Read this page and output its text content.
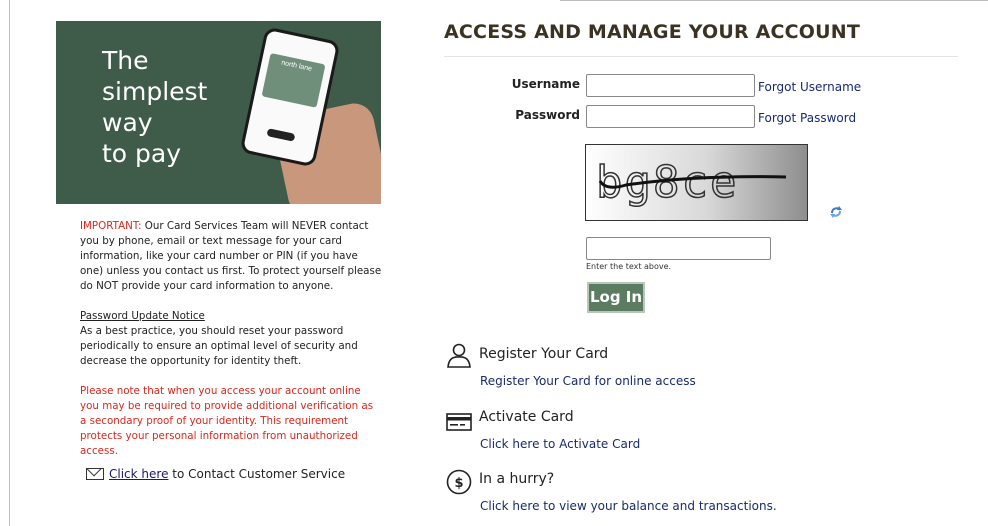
The
simplest
way
to pay
north lane
IMPORTANT: Our Card Services Team will NEVER contact you by phone, email or text message for your card information, like your card number or PIN (if you have one) unless you contact us first. To protect yourself please do NOT provide your card information to anyone.
Password Update Notice
As a best practice, you should reset your password periodically to ensure an optimal level of security and decrease the opportunity for identity theft.
Please note that when you access your account online you may be required to provide additional verification as a secondary proof of your identity. This requirement protects your personal information from unauthorized access.
Click here to Contact Customer Service
ACCESS AND MANAGE YOUR ACCOUNT
Username	Forgot Username
Password	Forgot Password
bg8ce
Enter the text above.
Log In
Register Your Card
Register Your Card for online access
Activate Card
Click here to Activate Card
$ In a hurry?
Click here to view your balance and transactions.
